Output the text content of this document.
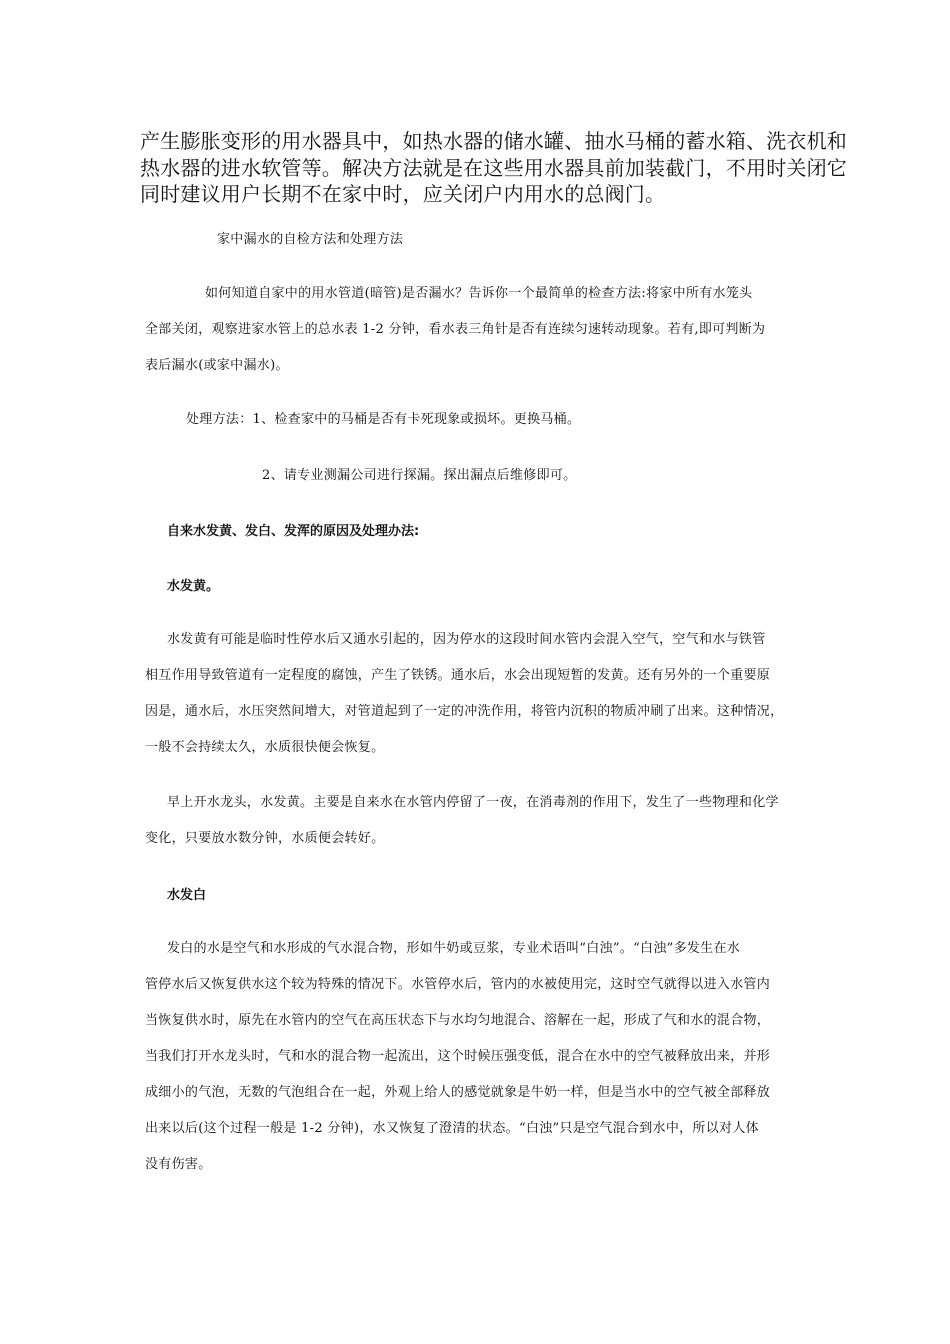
产生膨胀变形的用水器具中，如热水器的储水罐、抽水马桶的蓄水箱、洗衣机和
热水器的进水软管等。解决方法就是在这些用水器具前加装截门，不用时关闭它
同时建议用户长期不在家中时，应关闭户内用水的总阀门。
家中漏水的自检方法和处理方法
如何知道自家中的用水管道(暗管)是否漏水？告诉你一个最简单的检查方法:将家中所有水笼头
全部关闭，观察进家水管上的总水表 1-2 分钟，看水表三角针是否有连续匀速转动现象。若有,即可判断为
表后漏水(或家中漏水)。
处理方法：1、检查家中的马桶是否有卡死现象或损坏。更换马桶。
2、请专业测漏公司进行探漏。探出漏点后维修即可。
自来水发黄、发白、发浑的原因及处理办法:
水发黄。
水发黄有可能是临时性停水后又通水引起的，因为停水的这段时间水管内会混入空气，空气和水与铁管
相互作用导致管道有一定程度的腐蚀，产生了铁锈。通水后，水会出现短暂的发黄。还有另外的一个重要原
因是，通水后，水压突然间增大，对管道起到了一定的冲洗作用，将管内沉积的物质冲刷了出来。这种情况，
一般不会持续太久，水质很快便会恢复。
早上开水龙头，水发黄。主要是自来水在水管内停留了一夜，在消毒剂的作用下，发生了一些物理和化学
变化，只要放水数分钟，水质便会转好。
水发白
发白的水是空气和水形成的气水混合物，形如牛奶或豆浆，专业术语叫“白浊”。“白浊”多发生在水
管停水后又恢复供水这个较为特殊的情况下。水管停水后，管内的水被使用完，这时空气就得以进入水管内
当恢复供水时，原先在水管内的空气在高压状态下与水均匀地混合、溶解在一起，形成了气和水的混合物，
当我们打开水龙头时，气和水的混合物一起流出，这个时候压强变低，混合在水中的空气被释放出来，并形
成细小的气泡，无数的气泡组合在一起，外观上给人的感觉就象是牛奶一样，但是当水中的空气被全部释放
出来以后(这个过程一般是 1-2 分钟)，水又恢复了澄清的状态。“白浊”只是空气混合到水中，所以对人体
没有伤害。
